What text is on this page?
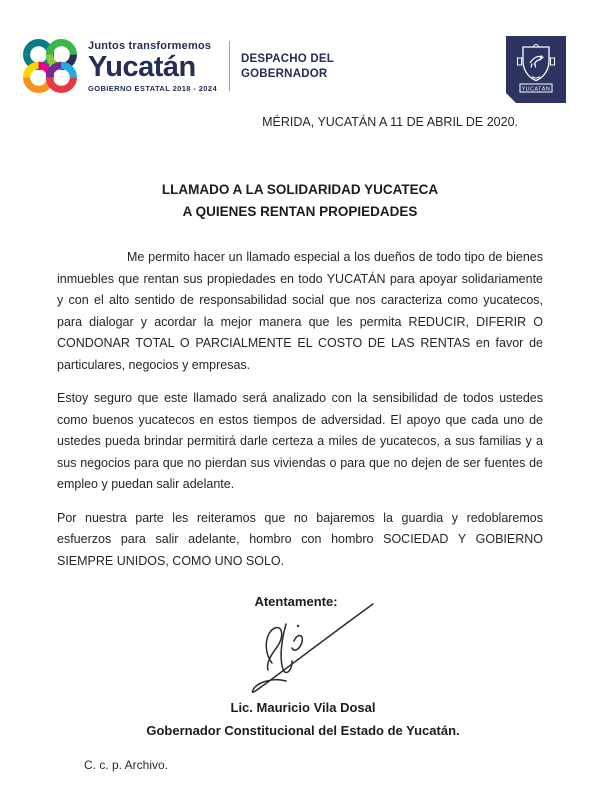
Juntos transformemos
Yucatán
GOBIERNO ESTATAL 2018 - 2024
DESPACHO DEL
GOBERNADOR
YUCATÁN
MÉRIDA, YUCATÁN A 11 DE ABRIL DE 2020.
LLAMADO A LA SOLIDARIDAD YUCATECA
A QUIENES RENTAN PROPIEDADES

Me permito hacer un llamado especial a los dueños de todo tipo de bienes inmuebles que rentan sus propiedades en todo YUCATÁN para apoyar solidariamente y con el alto sentido de responsabilidad social que nos caracteriza como yucatecos, para dialogar y acordar la mejor manera que les permita REDUCIR, DIFERIR O CONDONAR TOTAL O PARCIALMENTE EL COSTO DE LAS RENTAS en favor de particulares, negocios y empresas.

Estoy seguro que este llamado será analizado con la sensibilidad de todos ustedes como buenos yucatecos en estos tiempos de adversidad. El apoyo que cada uno de ustedes pueda brindar permitirá darle certeza a miles de yucatecos, a sus familias y a sus negocios para que no pierdan sus viviendas o para que no dejen de ser fuentes de empleo y puedan salir adelante.

Por nuestra parte les reiteramos que no bajaremos la guardia y redoblaremos esfuerzos para salir adelante, hombro con hombro SOCIEDAD Y GOBIERNO SIEMPRE UNIDOS, COMO UNO SOLO.

Atentamente:
Lic. Mauricio Vila Dosal
Gobernador Constitucional del Estado de Yucatán.
C. c. p. Archivo.
